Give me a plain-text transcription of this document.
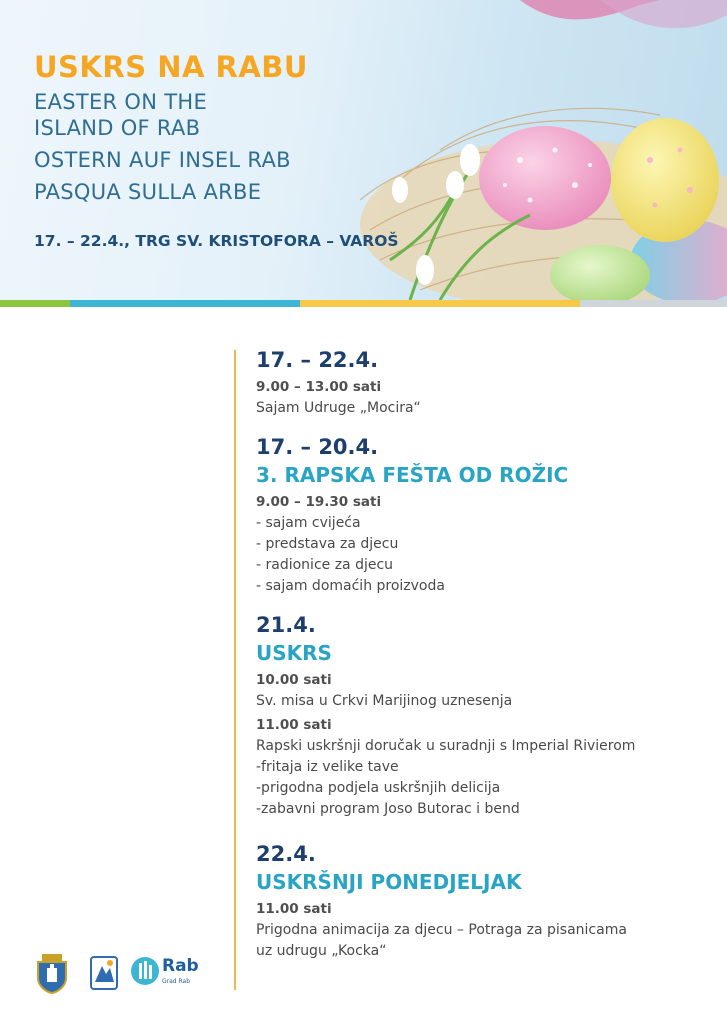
USKRS NA RABU
EASTER ON THE
ISLAND OF RAB
OSTERN AUF INSEL RAB
PASQUA SULLA ARBE
17. – 22.4., TRG SV. KRISTOFORA – VAROŠ
17. – 22.4.
9.00 – 13.00 sati
Sajam Udruge „Mocira“
17. – 20.4.
3. RAPSKA FEŠTA OD ROŽIC
9.00 – 19.30 sati
- sajam cvijeća
- predstava za djecu
- radionice za djecu
- sajam domaćih proizvoda
21.4.
USKRS
10.00 sati
Sv. misa u Crkvi Marijinog uznesenja
11.00 sati
Rapski uskršnji doručak u suradnji s Imperial Rivierom
-fritaja iz velike tave
-prigodna podjela uskršnjih delicija
-zabavni program Joso Butorac i bend
22.4.
USKRŠNJI PONEDJELJAK
11.00 sati
Prigodna animacija za djecu – Potraga za pisanicama
uz udrugu „Kocka“
Rab
Grad Rab
